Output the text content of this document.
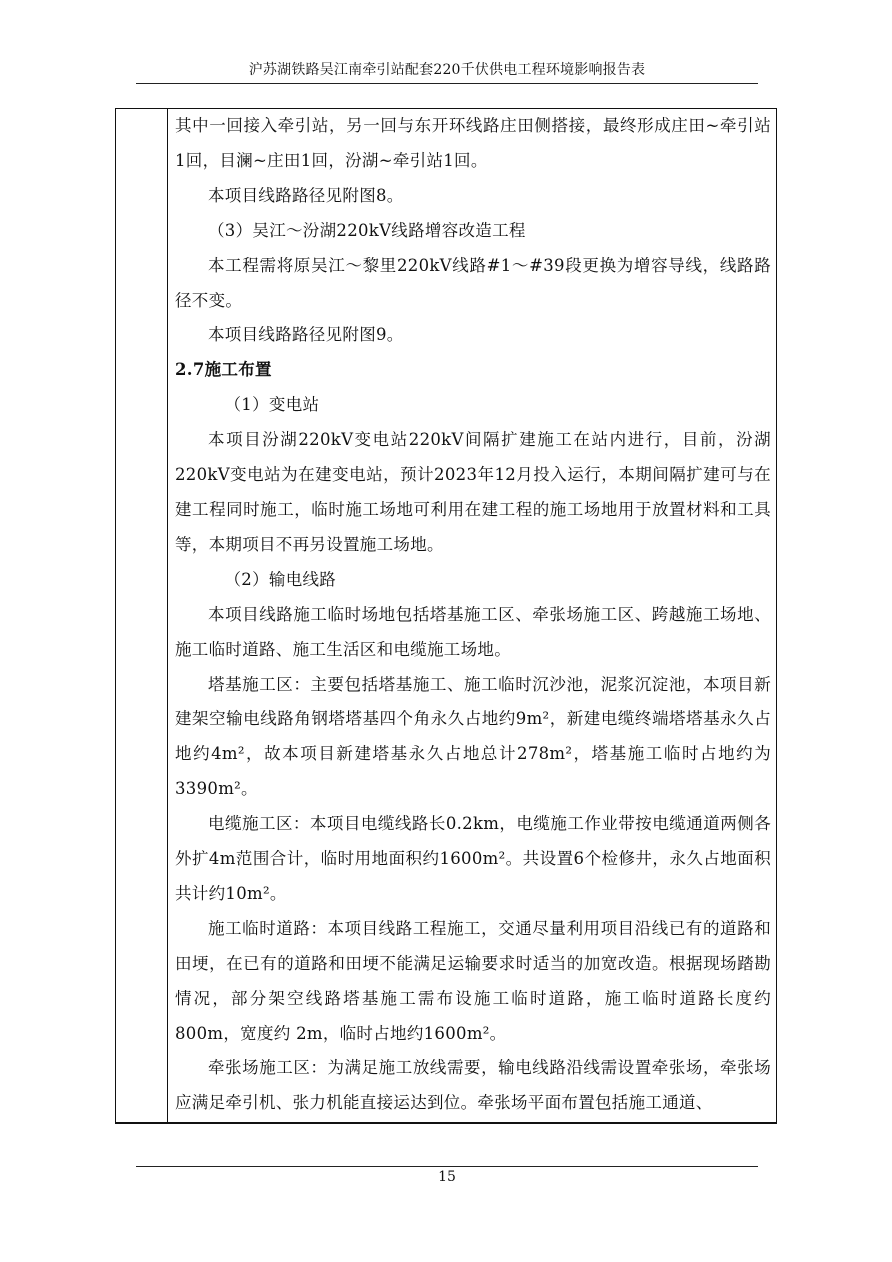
沪苏湖铁路吴江南牵引站配套220千伏供电工程环境影响报告表

其中一回接入牵引站，另一回与东开环线路庄田侧搭接，最终形成庄田~牵引站1回，目澜~庄田1回，汾湖~牵引站1回。

本项目线路路径见附图8。

（3）吴江～汾湖220kV线路增容改造工程

本工程需将原吴江～黎里220kV线路#1～#39段更换为增容导线，线路路径不变。

本项目线路路径见附图9。

2.7施工布置

（1）变电站

本项目汾湖220kV变电站220kV间隔扩建施工在站内进行，目前，汾湖220kV变电站为在建变电站，预计2023年12月投入运行，本期间隔扩建可与在建工程同时施工，临时施工场地可利用在建工程的施工场地用于放置材料和工具等，本期项目不再另设置施工场地。

（2）输电线路

本项目线路施工临时场地包括塔基施工区、牵张场施工区、跨越施工场地、施工临时道路、施工生活区和电缆施工场地。

塔基施工区：主要包括塔基施工、施工临时沉沙池，泥浆沉淀池，本项目新建架空输电线路角钢塔塔基四个角永久占地约9m²，新建电缆终端塔塔基永久占地约4m²，故本项目新建塔基永久占地总计278m²，塔基施工临时占地约为3390m²。

电缆施工区：本项目电缆线路长0.2km，电缆施工作业带按电缆通道两侧各外扩4m范围合计，临时用地面积约1600m²。共设置6个检修井，永久占地面积共计约10m²。

施工临时道路：本项目线路工程施工，交通尽量利用项目沿线已有的道路和田埂，在已有的道路和田埂不能满足运输要求时适当的加宽改造。根据现场踏勘情况，部分架空线路塔基施工需布设施工临时道路，施工临时道路长度约800m，宽度约 2m，临时占地约1600m²。

牵张场施工区：为满足施工放线需要，输电线路沿线需设置牵张场，牵张场应满足牵引机、张力机能直接运达到位。牵张场平面布置包括施工通道、

15
